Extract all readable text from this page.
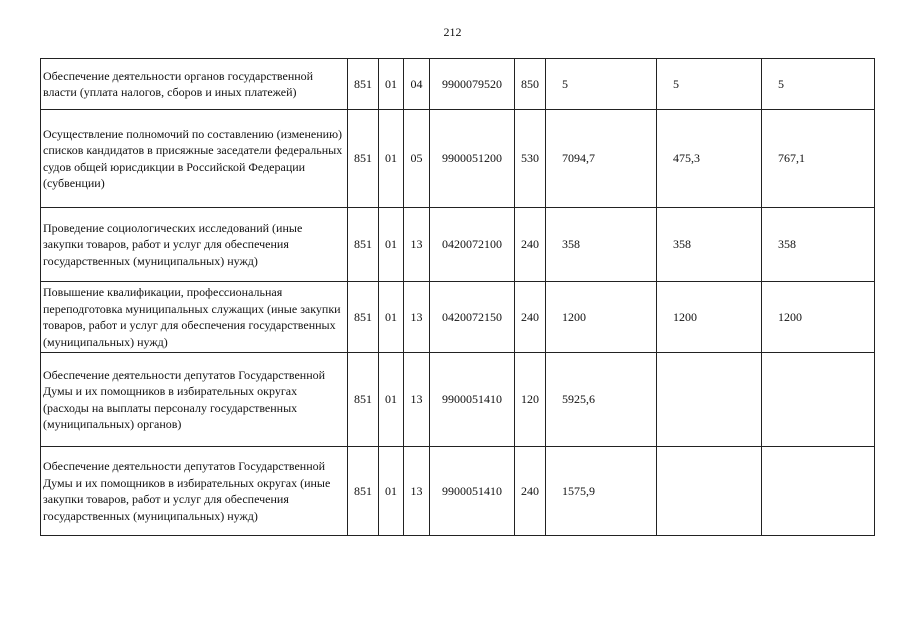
212
Обеспечение деятельности органов государственной власти (уплата налогов, сборов и иных платежей)	851	01	04	9900079520	850	5	5	5
Осуществление полномочий по составлению (изменению) списков кандидатов в присяжные заседатели федеральных судов общей юрисдикции в Российской Федерации (субвенции)	851	01	05	9900051200	530	7094,7	475,3	767,1
Проведение социологических исследований (иные закупки товаров, работ и услуг для обеспечения государственных (муниципальных) нужд)	851	01	13	0420072100	240	358	358	358
Повышение квалификации, профессиональная переподготовка муниципальных служащих (иные закупки товаров, работ и услуг для обеспечения государственных (муниципальных) нужд)	851	01	13	0420072150	240	1200	1200	1200
Обеспечение деятельности депутатов Государственной Думы и их помощников в избирательных округах (расходы на выплаты персоналу государственных (муниципальных) органов)	851	01	13	9900051410	120	5925,6		
Обеспечение деятельности депутатов Государственной Думы и их помощников в избирательных округах (иные закупки товаров, работ и услуг для обеспечения государственных (муниципальных) нужд)	851	01	13	9900051410	240	1575,9		
